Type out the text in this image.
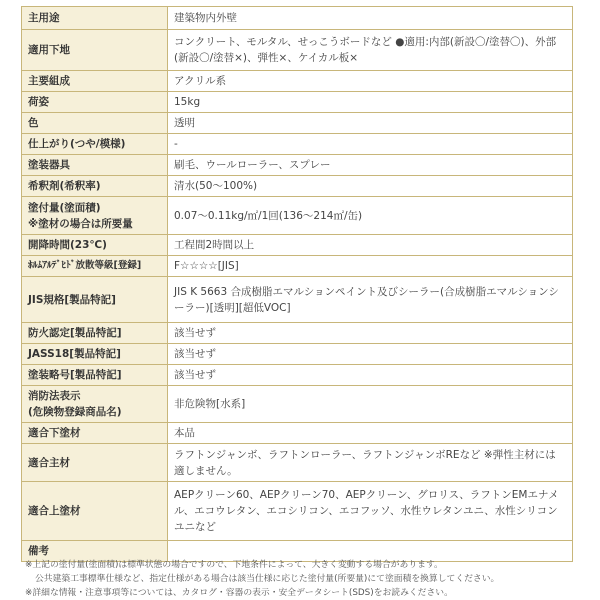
主用途	建築物内外壁
適用下地	コンクリート、モルタル、せっこうボードなど ●適用:内部(新設〇/塗替〇)、外部(新設〇/塗替×)、弾性×、ケイカル板×
主要組成	アクリル系
荷姿	15kg
色	透明
仕上がり(つや/模様)	-
塗装器具	刷毛、ウールローラー、スプレー
希釈剤(希釈率)	清水(50～100%)
塗付量(塗面積)
※塗材の場合は所要量	0.07～0.11kg/㎡/1回(136～214㎡/缶)
開降時間(23℃)	工程間2時間以上
ﾎﾙﾑｱﾙﾃﾞﾋﾄﾞ放散等級[登録]	F☆☆☆☆[JIS]
JIS規格[製品特記]	JIS K 5663 合成樹脂エマルションペイント及びシーラー(合成樹脂エマルションシーラー)[透明][超低VOC]
防火認定[製品特記]	該当せず
JASS18[製品特記]	該当せず
塗装略号[製品特記]	該当せず
消防法表示
(危険物登録商品名)	非危険物[水系]
適合下塗材	本品
適合主材	ラフトンジャンボ、ラフトンローラー、ラフトンジャンボREなど ※弾性主材には適しません。
適合上塗材	AEPクリーン60、AEPクリーン70、AEPクリーン、グロリス、ラフトンEMエナメル、エコウレタン、エコシリコン、エコフッソ、水性ウレタンユニ、水性シリコンユニなど
備考	
※上記の塗付量(塗面積)は標準状態の場合ですので、下地条件によって、大きく変動する場合があります。
公共建築工事標準仕様など、指定仕様がある場合は該当仕様に応じた塗付量(所要量)にて塗面積を換算してください。
※詳細な情報・注意事項等については、カタログ・容器の表示・安全データシート(SDS)をお読みください。
